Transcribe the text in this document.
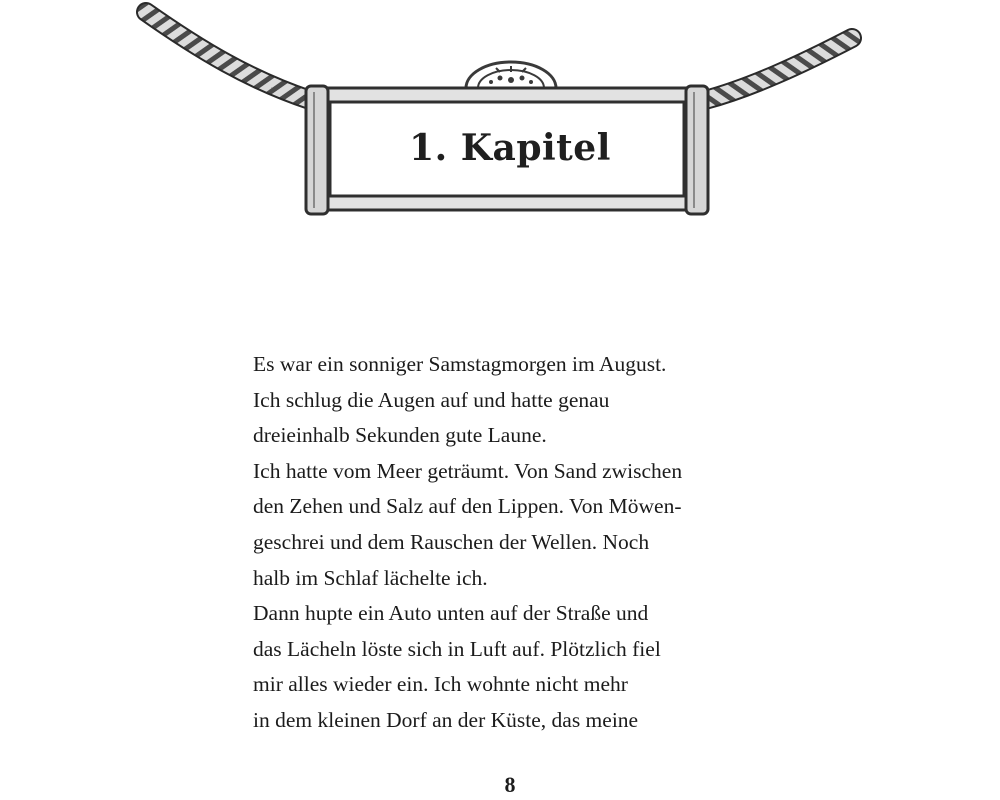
1. Kapitel
Es war ein sonniger Samstagmorgen im August.
Ich schlug die Augen auf und hatte genau
dreieinhalb Sekunden gute Laune.
Ich hatte vom Meer geträumt. Von Sand zwischen
den Zehen und Salz auf den Lippen. Von Möwen-
geschrei und dem Rauschen der Wellen. Noch
halb im Schlaf lächelte ich.
Dann hupte ein Auto unten auf der Straße und
das Lächeln löste sich in Luft auf. Plötzlich fiel
mir alles wieder ein. Ich wohnte nicht mehr
in dem kleinen Dorf an der Küste, das meine
8
